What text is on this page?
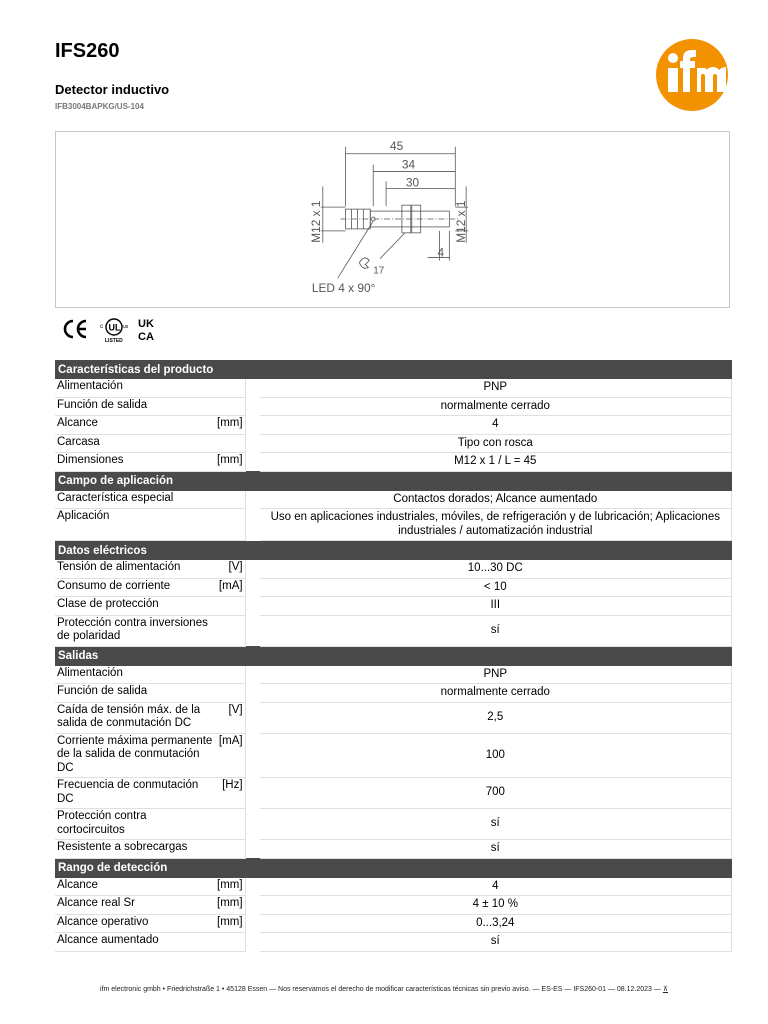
IFS260
Detector inductivo
IFB3004BAPKG/US-104
45
34
30
M12 x 1	M12 x 1
4
17
LED 4 x 90°
UL
c	us
LISTED
UK
CA
Características del producto			
Alimentación			PNP
Función de salida			normalmente cerrado
Alcance	[mm]		4
Carcasa			Tipo con rosca
Dimensiones	[mm]		M12 x 1 / L = 45
Campo de aplicación			
Característica especial			Contactos dorados; Alcance aumentado
Aplicación			Uso en aplicaciones industriales, móviles, de refrigeración y de lubricación; Aplicaciones industriales / automatización industrial
Datos eléctricos			
Tensión de alimentación	[V]		10...30 DC
Consumo de corriente	[mA]		< 10
Clase de protección			III
Protección contra inversiones de polaridad			sí
Salidas			
Alimentación			PNP
Función de salida			normalmente cerrado
Caída de tensión máx. de la salida de conmutación DC	[V]		2,5
Corriente máxima permanente de la salida de conmutación DC	[mA]		100
Frecuencia de conmutación DC	[Hz]		700
Protección contra cortocircuitos			sí
Resistente a sobrecargas			sí
Rango de detección			
Alcance	[mm]		4
Alcance real Sr	[mm]		4 ± 10 %
Alcance operativo	[mm]		0...3,24
Alcance aumentado			sí
ifm electronic gmbh • Friedrichstraße 1 • 45128 Essen — Nos reservamos el derecho de modificar características técnicas sin previo aviso. — ES-ES — IFS260-01 — 08.12.2023 — ⊼
